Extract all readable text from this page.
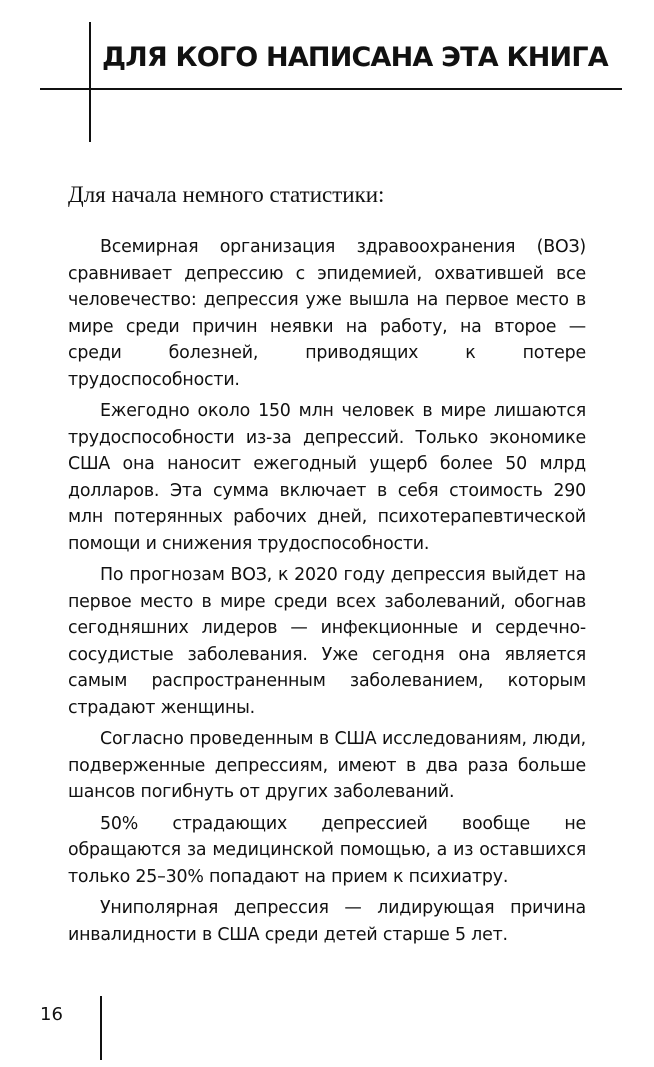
ДЛЯ КОГО НАПИСАНА ЭТА КНИГА
Для начала немного статистики:

Всемирная организация здравоохранения (ВОЗ) сравнивает депрессию с эпидемией, охватившей все человечество: депрессия уже вышла на первое место в мире среди причин неявки на работу, на второе — среди болезней, приводящих к потере трудоспособности.

Ежегодно около 150 млн человек в мире лишаются трудоспособности из-за депрессий. Только экономике США она наносит ежегодный ущерб более 50 млрд долларов. Эта сумма включает в себя стоимость 290 млн потерянных рабочих дней, психотерапевтической помощи и снижения трудоспособности.

По прогнозам ВОЗ, к 2020 году депрессия выйдет на первое место в мире среди всех заболеваний, обогнав сегодняшних лидеров — инфекционные и сердечно-сосудистые заболевания. Уже сегодня она является самым распространенным заболеванием, которым страдают женщины.

Согласно проведенным в США исследованиям, люди, подверженные депрессиям, имеют в два раза больше шансов погибнуть от других заболеваний.

50% страдающих депрессией вообще не обращаются за медицинской помощью, а из оставшихся только 25–30% попадают на прием к психиатру.

Униполярная депрессия — лидирующая причина инвалидности в США среди детей старше 5 лет.

16
